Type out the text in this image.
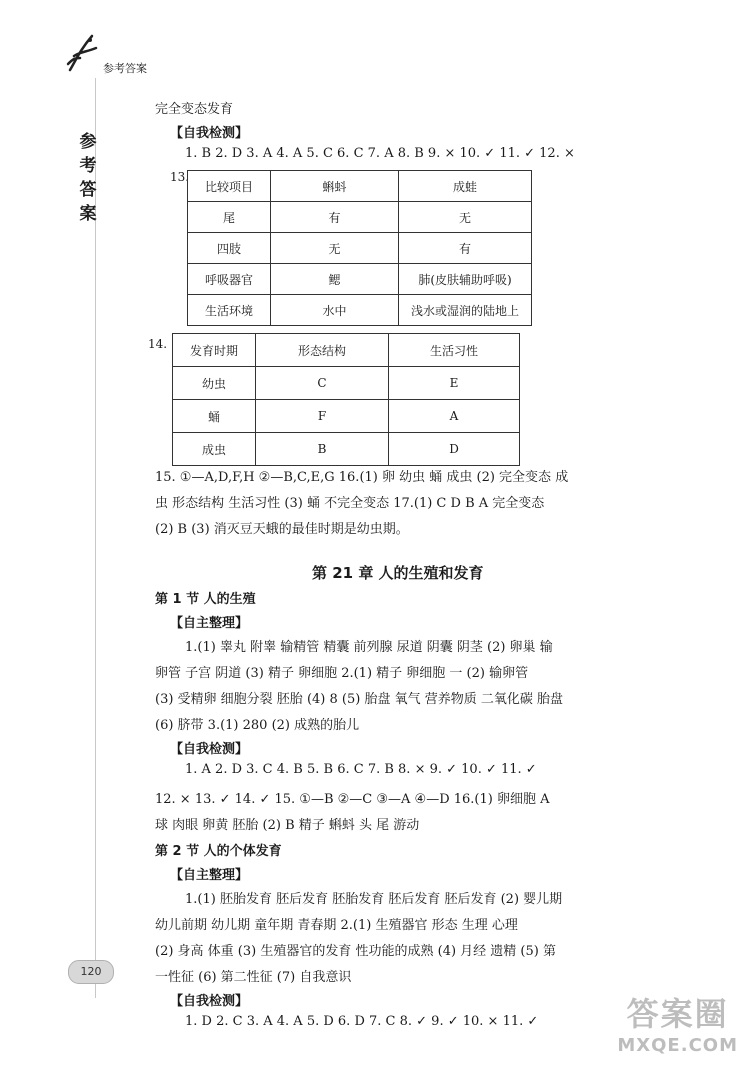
参考答案
参
考
答
案
完全变态发育
【自我检测】
1. B 2. D 3. A 4. A 5. C 6. C 7. A 8. B 9. × 10. ✓ 11. ✓ 12. ×
13.
比较项目	蝌蚪	成蛙
尾	有	无
四肢	无	有
呼吸器官	鳃	肺(皮肤辅助呼吸)
生活环境	水中	浅水或湿润的陆地上
14. 发育时期	形态结构	生活习性
幼虫	C	E
蛹	F	A
成虫	B	D
15. ①—A,D,F,H ②—B,C,E,G 16.(1) 卵 幼虫 蛹 成虫 (2) 完全变态 成
虫 形态结构 生活习性 (3) 蛹 不完全变态 17.(1) C D B A 完全变态
(2) B (3) 消灭豆天蛾的最佳时期是幼虫期。
第 21 章 人的生殖和发育
第 1 节 人的生殖
【自主整理】
1.(1) 睾丸 附睾 输精管 精囊 前列腺 尿道 阴囊 阴茎 (2) 卵巢 输
卵管 子宫 阴道 (3) 精子 卵细胞 2.(1) 精子 卵细胞 一 (2) 输卵管
(3) 受精卵 细胞分裂 胚胎 (4) 8 (5) 胎盘 氧气 营养物质 二氧化碳 胎盘
(6) 脐带 3.(1) 280 (2) 成熟的胎儿
【自我检测】
1. A 2. D 3. C 4. B 5. B 6. C 7. B 8. × 9. ✓ 10. ✓ 11. ✓
12. × 13. ✓ 14. ✓ 15. ①—B ②—C ③—A ④—D 16.(1) 卵细胞 A
球 肉眼 卵黄 胚胎 (2) B 精子 蝌蚪 头 尾 游动
第 2 节 人的个体发育
【自主整理】
1.(1) 胚胎发育 胚后发育 胚胎发育 胚后发育 胚后发育 (2) 婴儿期
幼儿前期 幼儿期 童年期 青春期 2.(1) 生殖器官 形态 生理 心理
(2) 身高 体重 (3) 生殖器官的发育 性功能的成熟 (4) 月经 遗精 (5) 第
一性征 (6) 第二性征 (7) 自我意识
【自我检测】
1. D 2. C 3. A 4. A 5. D 6. D 7. C 8. ✓ 9. ✓ 10. × 11. ✓
120
答案圈
MXQE.COM
